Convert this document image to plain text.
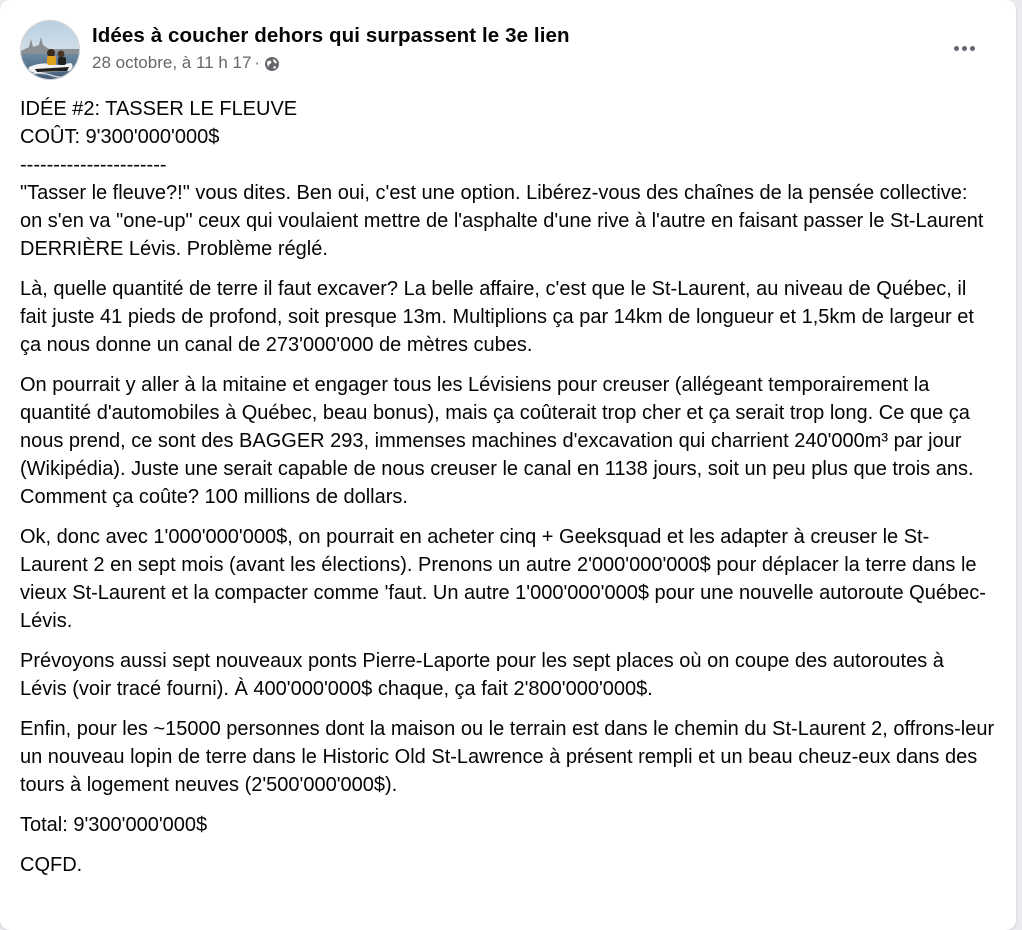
Idées à coucher dehors qui surpassent le 3e lien
28 octobre, à 11 h 17 ·
IDÉE #2: TASSER LE FLEUVE
COÛT: 9'300'000'000$

----------------------

"Tasser le fleuve?!" vous dites. Ben oui, c'est une option. Libérez-vous des chaînes de la pensée collective: on s'en va "one-up" ceux qui voulaient mettre de l'asphalte d'une rive à l'autre en faisant passer le St-Laurent DERRIÈRE Lévis. Problème réglé.

Là, quelle quantité de terre il faut excaver? La belle affaire, c'est que le St-Laurent, au niveau de Québec, il fait juste 41 pieds de profond, soit presque 13m. Multiplions ça par 14km de longueur et 1,5km de largeur et ça nous donne un canal de 273'000'000 de mètres cubes.

On pourrait y aller à la mitaine et engager tous les Lévisiens pour creuser (allégeant temporairement la quantité d'automobiles à Québec, beau bonus), mais ça coûterait trop cher et ça serait trop long. Ce que ça nous prend, ce sont des BAGGER 293, immenses machines d'excavation qui charrient 240'000m³ par jour (Wikipédia). Juste une serait capable de nous creuser le canal en 1138 jours, soit un peu plus que trois ans. Comment ça coûte? 100 millions de dollars.

Ok, donc avec 1'000'000'000$, on pourrait en acheter cinq + Geeksquad et les adapter à creuser le St-Laurent 2 en sept mois (avant les élections). Prenons un autre 2'000'000'000$ pour déplacer la terre dans le vieux St-Laurent et la compacter comme 'faut. Un autre 1'000'000'000$ pour une nouvelle autoroute Québec-Lévis.

Prévoyons aussi sept nouveaux ponts Pierre-Laporte pour les sept places où on coupe des autoroutes à Lévis (voir tracé fourni). À 400'000'000$ chaque, ça fait 2'800'000'000$.

Enfin, pour les ~15000 personnes dont la maison ou le terrain est dans le chemin du St-Laurent 2, offrons-leur un nouveau lopin de terre dans le Historic Old St-Lawrence à présent rempli et un beau cheuz-eux dans des tours à logement neuves (2'500'000'000$).

Total: 9'300'000'000$

CQFD.
